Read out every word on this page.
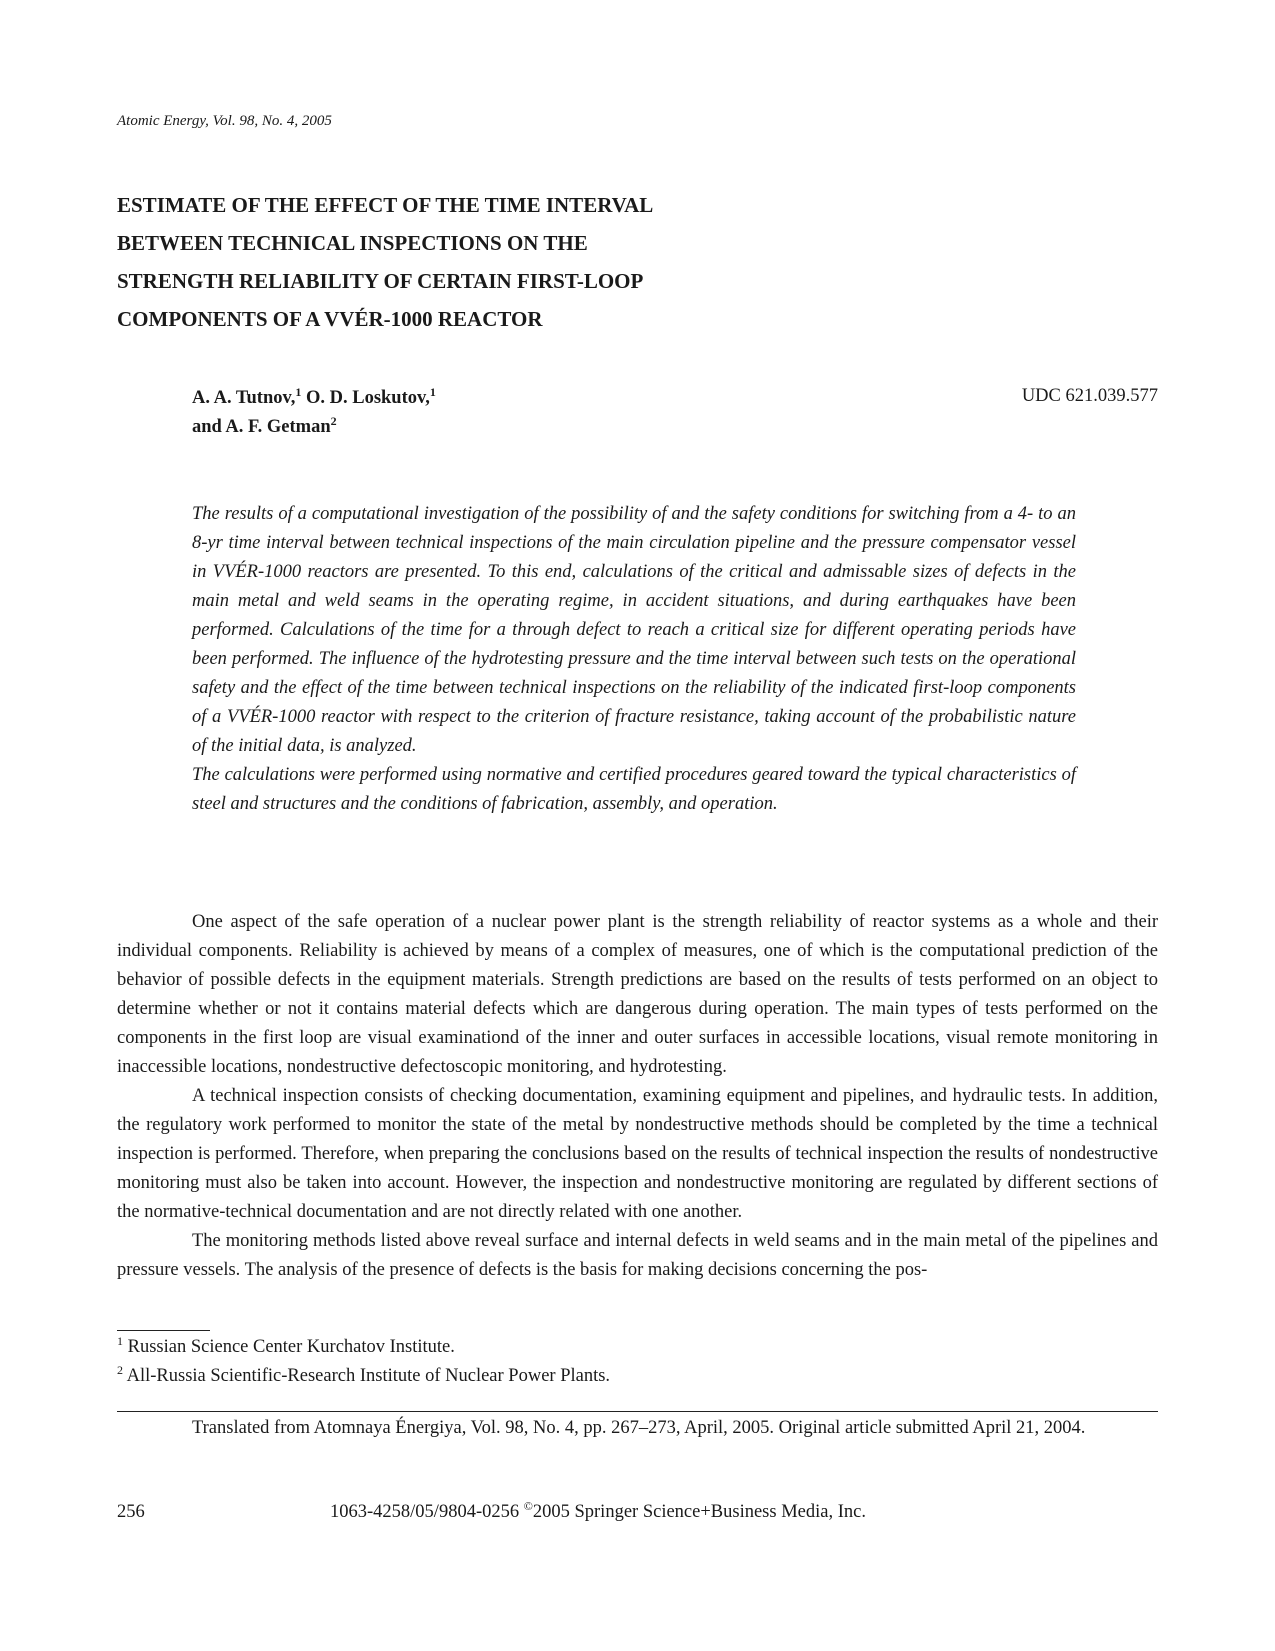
Atomic Energy, Vol. 98, No. 4, 2005
ESTIMATE OF THE EFFECT OF THE TIME INTERVAL
BETWEEN TECHNICAL INSPECTIONS ON THE
STRENGTH RELIABILITY OF CERTAIN FIRST-LOOP
COMPONENTS OF A VVÉR-1000 REACTOR
A. A. Tutnov,$^1$ O. D. Loskutov,$^1$
and A. F. Getman$^2$
UDC 621.039.577

The results of a computational investigation of the possibility of and the safety conditions for switching from a 4- to an 8-yr time interval between technical inspections of the main circulation pipeline and the pressure compensator vessel in VVÉR-1000 reactors are presented. To this end, calculations of the critical and admissable sizes of defects in the main metal and weld seams in the operating regime, in accident situations, and during earthquakes have been performed. Calculations of the time for a through defect to reach a critical size for different operating periods have been performed. The influence of the hydrotesting pressure and the time interval between such tests on the operational safety and the effect of the time between technical inspections on the reliability of the indicated first-loop components of a VVÉR-1000 reactor with respect to the criterion of fracture resistance, taking account of the probabilistic nature of the initial data, is analyzed.

The calculations were performed using normative and certified procedures geared toward the typical characteristics of steel and structures and the conditions of fabrication, assembly, and operation.

One aspect of the safe operation of a nuclear power plant is the strength reliability of reactor systems as a whole and their individual components. Reliability is achieved by means of a complex of measures, one of which is the computational prediction of the behavior of possible defects in the equipment materials. Strength predictions are based on the results of tests performed on an object to determine whether or not it contains material defects which are dangerous during operation. The main types of tests performed on the components in the first loop are visual examinationd of the inner and outer surfaces in accessible locations, visual remote monitoring in inaccessible locations, nondestructive defectoscopic monitoring, and hydrotesting.

A technical inspection consists of checking documentation, examining equipment and pipelines, and hydraulic tests. In addition, the regulatory work performed to monitor the state of the metal by nondestructive methods should be completed by the time a technical inspection is performed. Therefore, when preparing the conclusions based on the results of technical inspection the results of nondestructive monitoring must also be taken into account. However, the inspection and nondestructive monitoring are regulated by different sections of the normative-technical documentation and are not directly related with one another.

The monitoring methods listed above reveal surface and internal defects in weld seams and in the main metal of the pipelines and pressure vessels. The analysis of the presence of defects is the basis for making decisions concerning the pos-

$^1$ Russian Science Center Kurchatov Institute.

$^2$ All-Russia Scientific-Research Institute of Nuclear Power Plants.

Translated from Atomnaya Énergiya, Vol. 98, No. 4, pp. 267–273, April, 2005. Original article submitted April 21, 2004.

256	1063-4258/05/9804-0256 ©2005 Springer Science+Business Media, Inc.
